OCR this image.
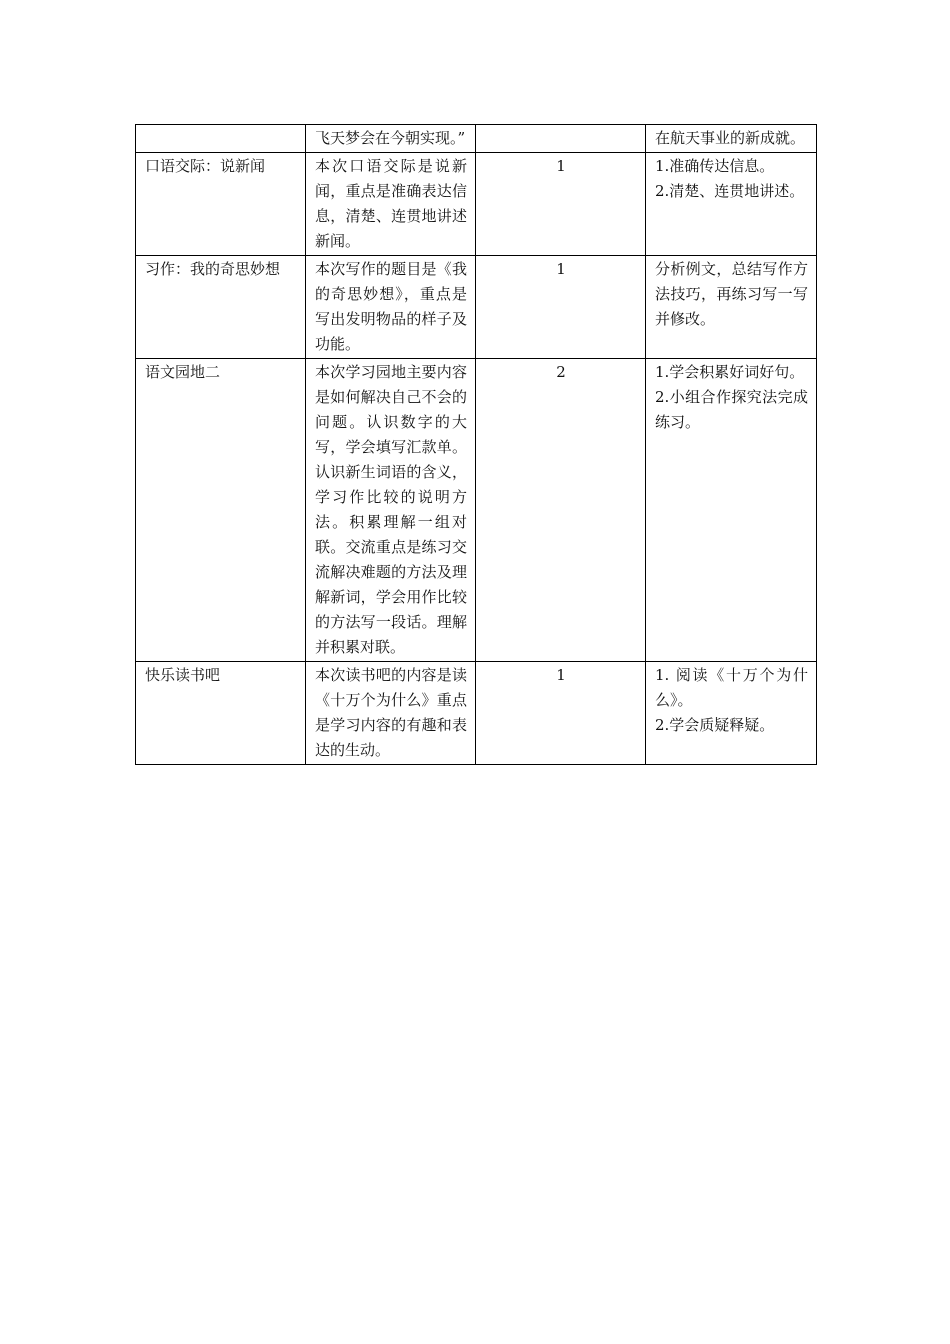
	飞天梦会在今朝实现。”		在航天事业的新成就。

口语交际：说新闻	本次口语交际是说新闻，重点是准确表达信息，清楚、连贯地讲述新闻。	1	1.准确传达信息。
2.清楚、连贯地讲述。

习作：我的奇思妙想	本次写作的题目是《我的奇思妙想》，重点是写出发明物品的样子及功能。	1	分析例文，总结写作方法技巧，再练习写一写并修改。

语文园地二	本次学习园地主要内容是如何解决自己不会的问题。认识数字的大写，学会填写汇款单。认识新生词语的含义，学习作比较的说明方法。积累理解一组对联。交流重点是练习交流解决难题的方法及理解新词，学会用作比较的方法写一段话。理解并积累对联。	2	1.学会积累好词好句。
2.小组合作探究法完成练习。

快乐读书吧	本次读书吧的内容是读《十万个为什么》重点是学习内容的有趣和表达的生动。	1	1. 阅读《十万个为什么》。
2.学会质疑释疑。
